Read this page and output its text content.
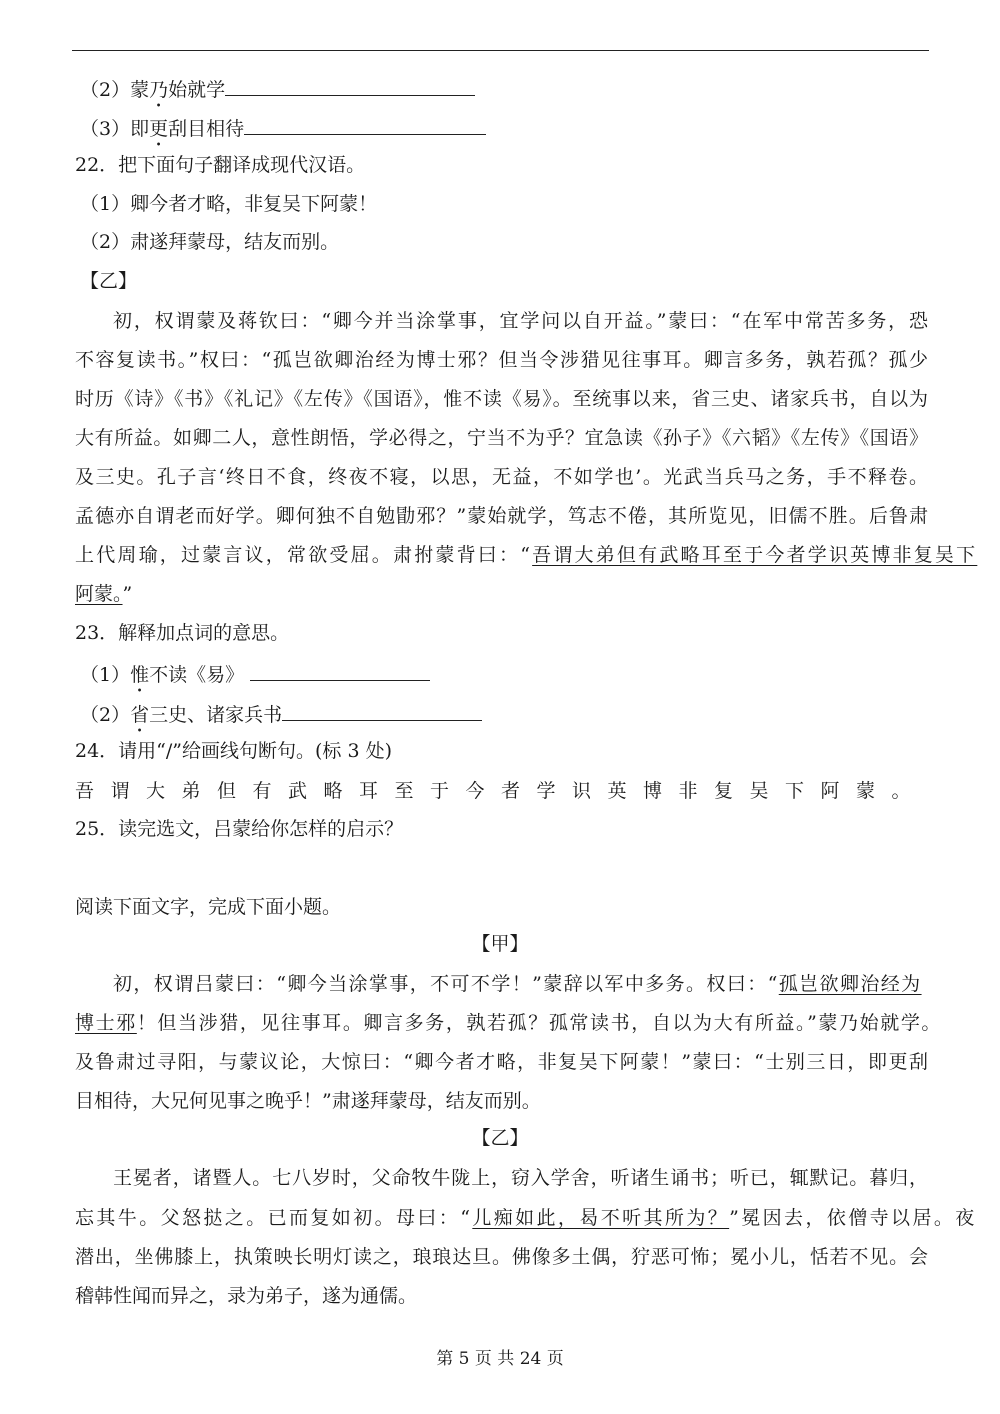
（2）蒙乃始就学
（3）即更刮目相待
22．把下面句子翻译成现代汉语。
（1）卿今者才略，非复吴下阿蒙！
（2）肃遂拜蒙母，结友而别。
【乙】
初，权谓蒙及蒋钦曰：“卿今并当涂掌事，宜学问以自开益。”蒙曰：“在军中常苦多务，恐
不容复读书。”权曰：“孤岂欲卿治经为博士邪？但当令涉猎见往事耳。卿言多务，孰若孤？孤少
时历《诗》《书》《礼记》《左传》《国语》，惟不读《易》。至统事以来，省三史、诸家兵书，自以为
大有所益。如卿二人，意性朗悟，学必得之，宁当不为乎？宜急读《孙子》《六韬》《左传》《国语》
及三史。孔子言‘终日不食，终夜不寝，以思，无益，不如学也’。光武当兵马之务，手不释卷。
孟德亦自谓老而好学。卿何独不自勉勖邪？”蒙始就学，笃志不倦，其所览见，旧儒不胜。后鲁肃
上代周瑜，过蒙言议，常欲受屈。肃拊蒙背曰：“吾谓大弟但有武略耳至于今者学识英博非复吴下
阿蒙。”
23．解释加点词的意思。
（1）惟不读《易》
（2）省三史、诸家兵书
24．请用“/”给画线句断句。(标 3 处)
吾谓大弟但有武略耳至于今者学识英博非复吴下阿蒙。
25．读完选文，吕蒙给你怎样的启示？
阅读下面文字，完成下面小题。
【甲】
初，权谓吕蒙曰：“卿今当涂掌事，不可不学！”蒙辞以军中多务。权曰：“孤岂欲卿治经为
博士邪！但当涉猎，见往事耳。卿言多务，孰若孤？孤常读书，自以为大有所益。”蒙乃始就学。
及鲁肃过寻阳，与蒙议论，大惊曰：“卿今者才略，非复吴下阿蒙！”蒙曰：“士别三日，即更刮
目相待，大兄何见事之晚乎！”肃遂拜蒙母，结友而别。
【乙】
王冕者，诸暨人。七八岁时，父命牧牛陇上，窃入学舍，听诸生诵书；听已，辄默记。暮归，
忘其牛。父怒挞之。已而复如初。母曰：“儿痴如此，曷不听其所为？”冕因去，依僧寺以居。夜
潜出，坐佛膝上，执策映长明灯读之，琅琅达旦。佛像多土偶，狞恶可怖；冕小儿，恬若不见。会
稽韩性闻而异之，录为弟子，遂为通儒。
第 5 页 共 24 页
